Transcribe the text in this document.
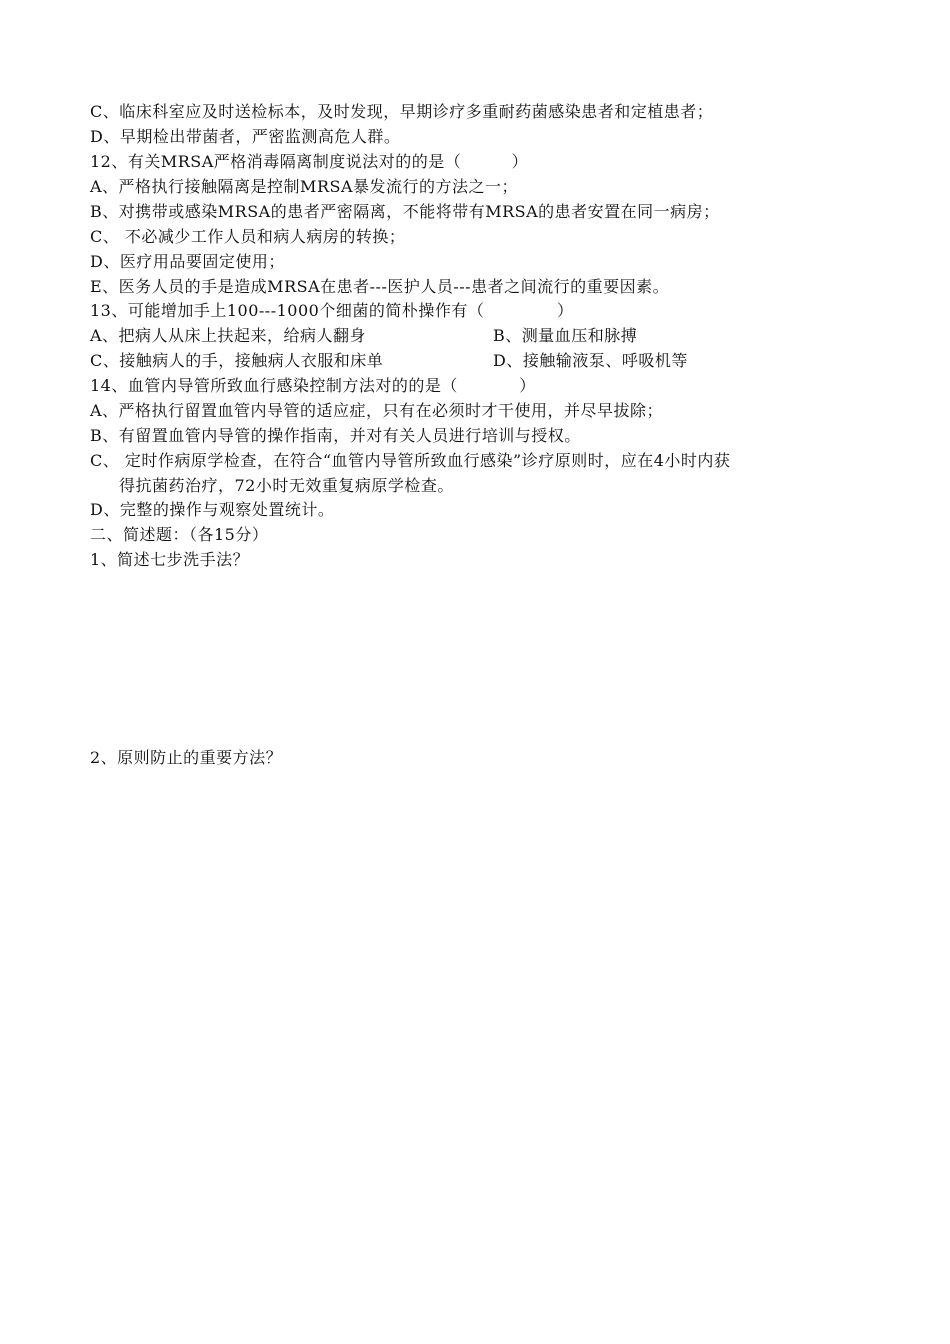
C、临床科室应及时送检标本，及时发现，早期诊疗多重耐药菌感染患者和定植患者；
D、早期检出带菌者，严密监测高危人群。
12、有关MRSA严格消毒隔离制度说法对的的是（         ）
A、严格执行接触隔离是控制MRSA暴发流行的方法之一；
B、对携带或感染MRSA的患者严密隔离，不能将带有MRSA的患者安置在同一病房；
C、 不必减少工作人员和病人病房的转换；
D、医疗用品要固定使用；
E、医务人员的手是造成MRSA在患者---医护人员---患者之间流行的重要因素。
13、可能增加手上100---1000个细菌的简朴操作有（             ）
A、把病人从床上扶起来，给病人翻身	B、测量血压和脉搏
C、接触病人的手，接触病人衣服和床单	D、接触输液泵、呼吸机等
14、血管内导管所致血行感染控制方法对的的是（           ）
A、严格执行留置血管内导管的适应症，只有在必须时才干使用，并尽早拔除；
B、有留置血管内导管的操作指南，并对有关人员进行培训与授权。
C、 定时作病原学检查，在符合“血管内导管所致血行感染”诊疗原则时，应在4小时内获
得抗菌药治疗，72小时无效重复病原学检查。
D、完整的操作与观察处置统计。
二、简述题：（各15分）
1、简述七步洗手法？
2、原则防止的重要方法？
